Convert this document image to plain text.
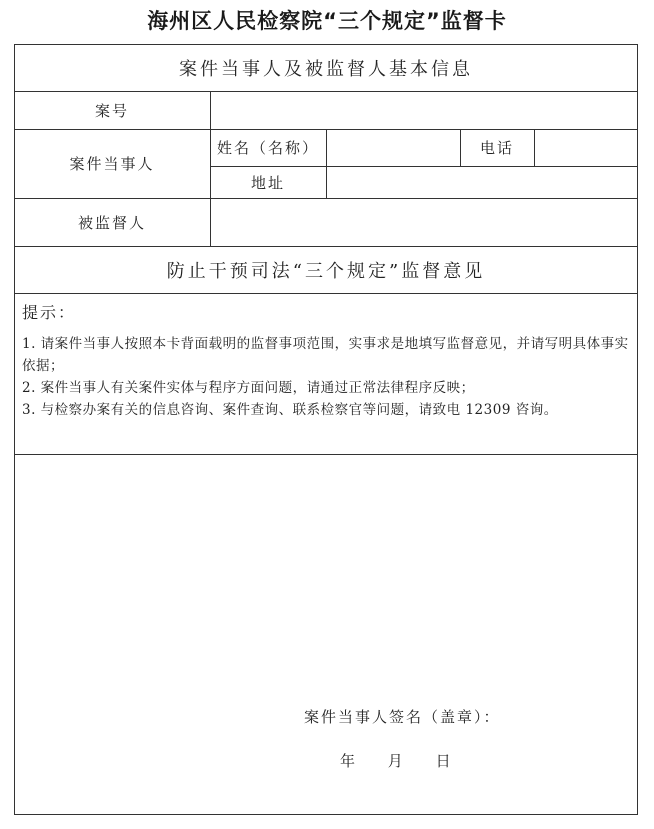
海州区人民检察院“三个规定”监督卡
案件当事人及被监督人基本信息
案号
案件当事人
姓名（名称）	电话
地址
被监督人
防止干预司法“三个规定”监督意见
提示：
1. 请案件当事人按照本卡背面载明的监督事项范围，实事求是地填写监督意见，并请写明具体事实依据；
2. 案件当事人有关案件实体与程序方面问题，请通过正常法律程序反映；
3. 与检察办案有关的信息咨询、案件查询、联系检察官等问题，请致电 12309 咨询。
案件当事人签名（盖章）：
年 月 日
